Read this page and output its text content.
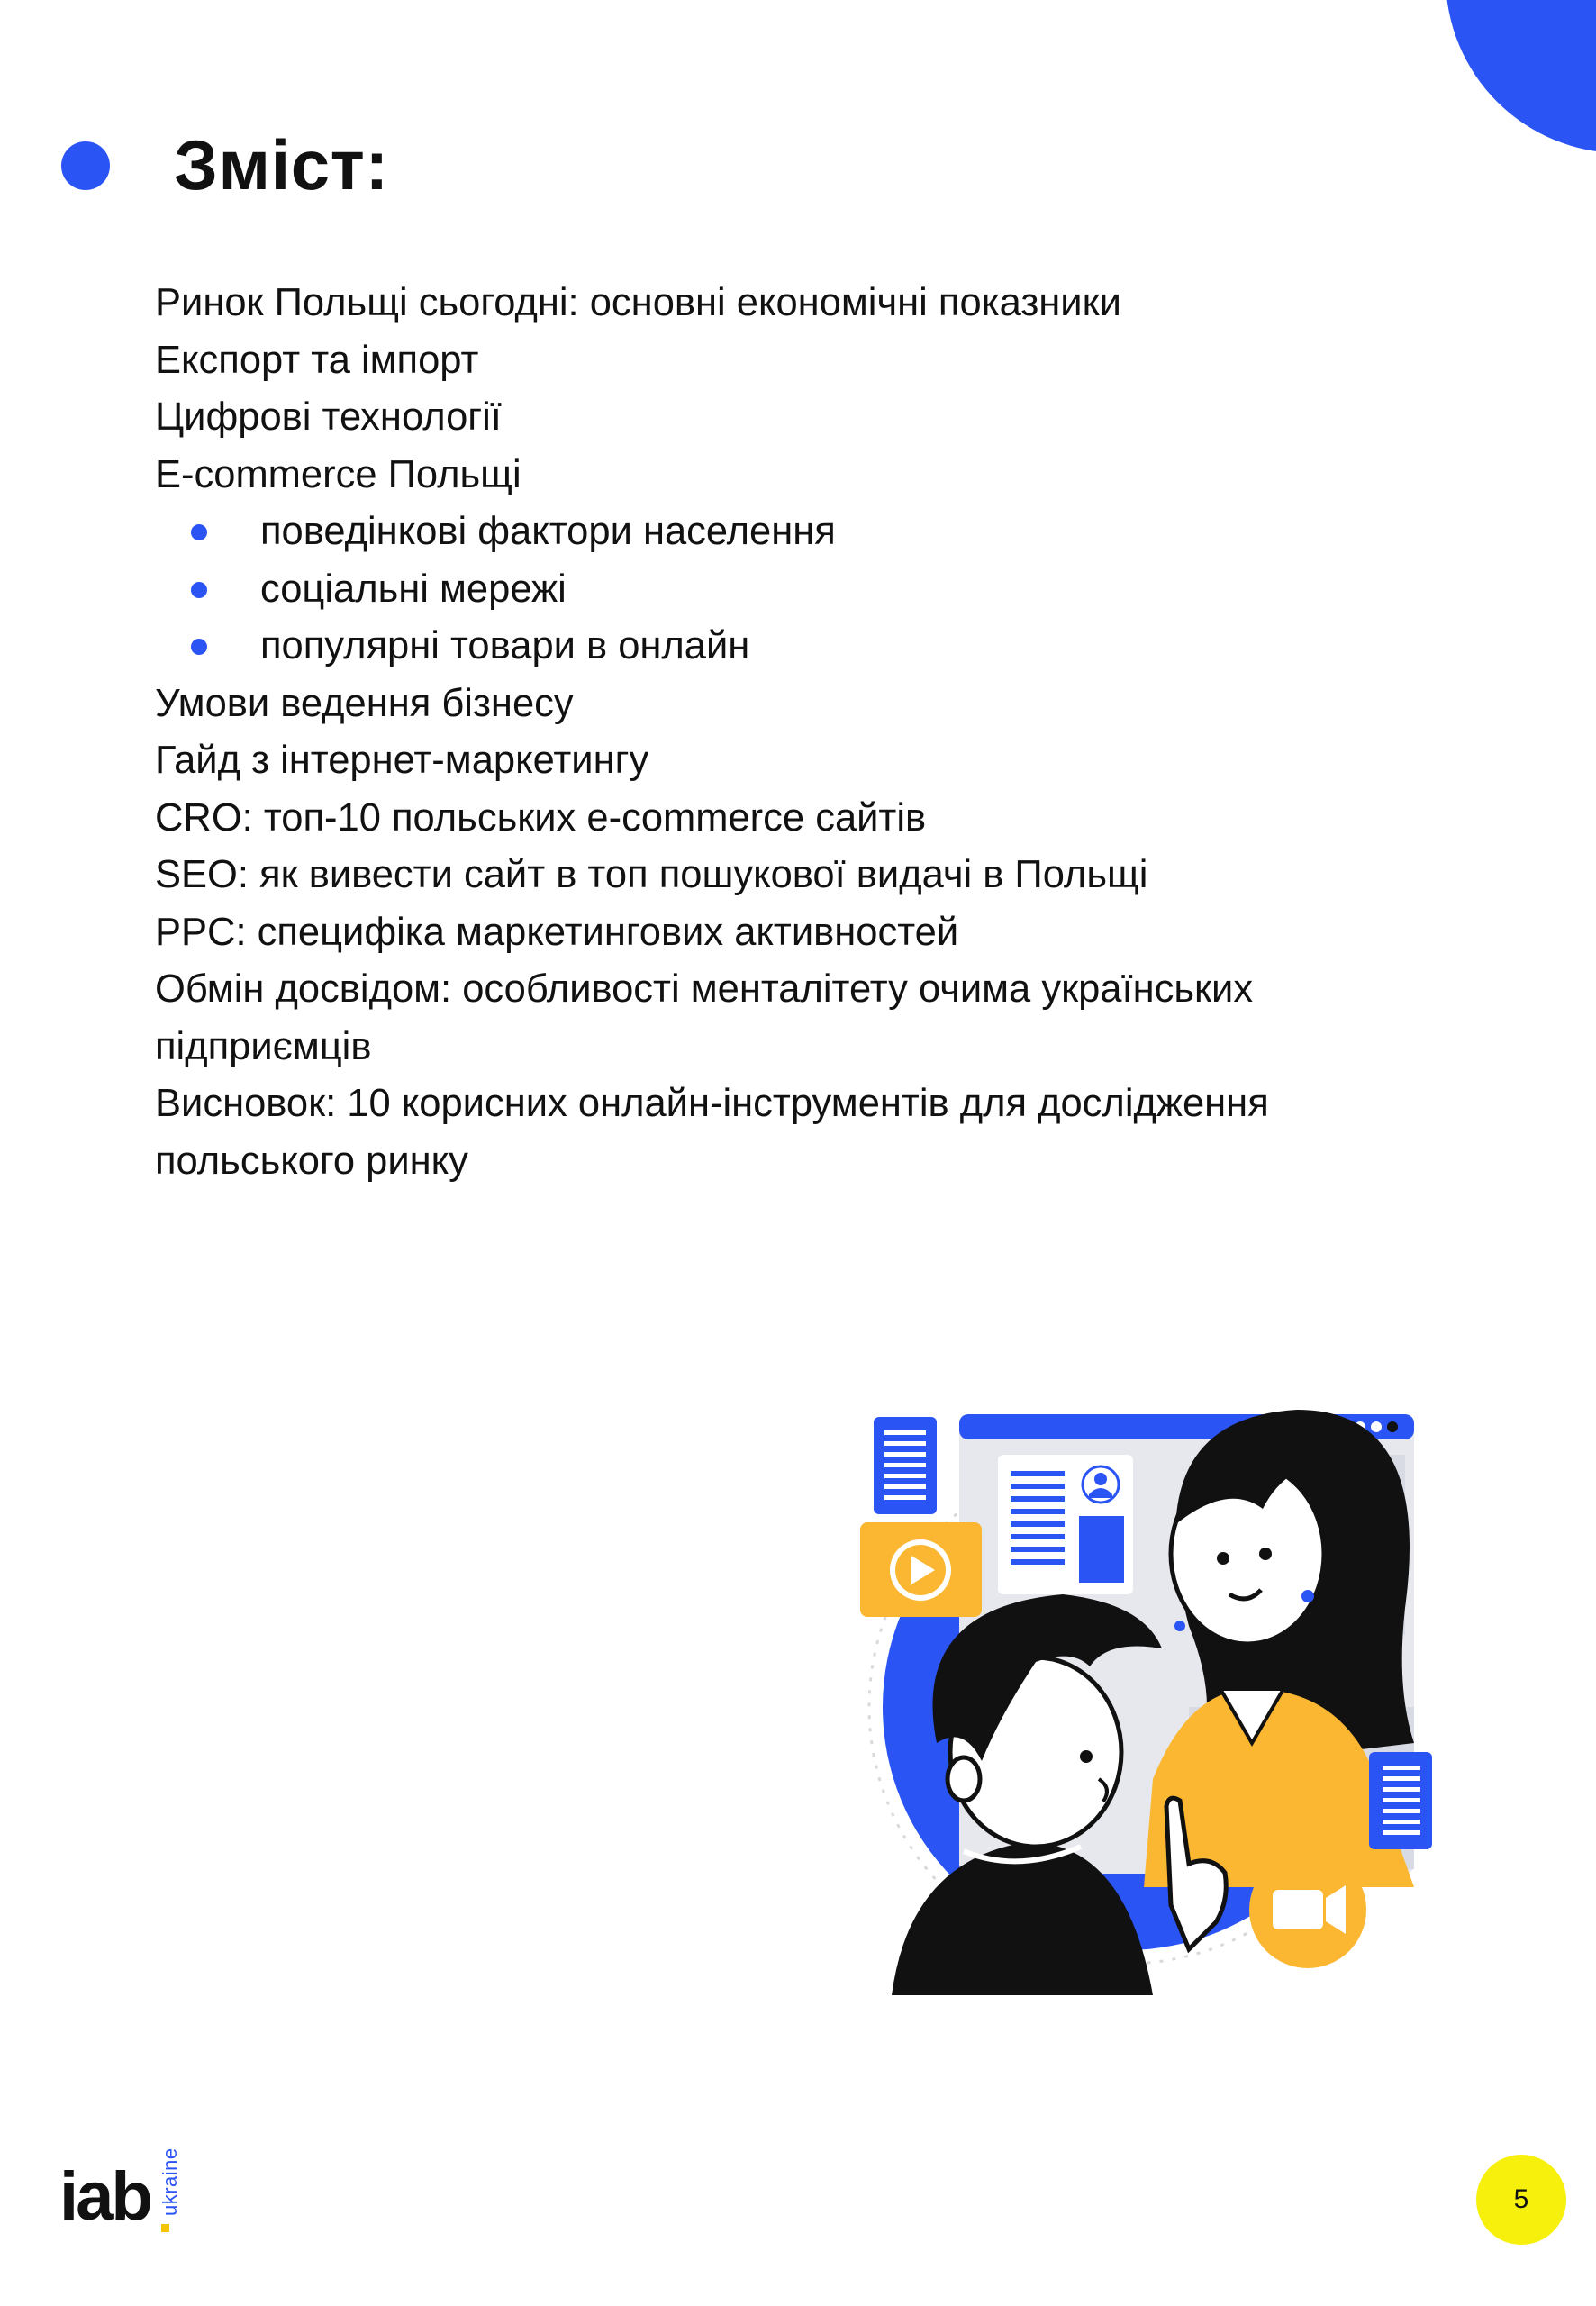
Зміст:
Ринок Польщі сьогодні: основні економічні показники
Експорт та імпорт
Цифрові технології
E-commerce Польщі
поведінкові фактори населення
соціальні мережі
популярні товари в онлайн
Умови ведення бізнесу
Гайд з інтернет-маркетингу
CRO: топ-10 польських e-commerce сайтів
SEO: як вивести сайт в топ пошукової видачі в Польщі
PPC: специфіка маркетингових активностей
Обмін досвідом: особливості менталітету очима українських
підприємців
Висновок: 10 корисних онлайн-інструментів для дослідження
польського ринку
iab ukraine	5
